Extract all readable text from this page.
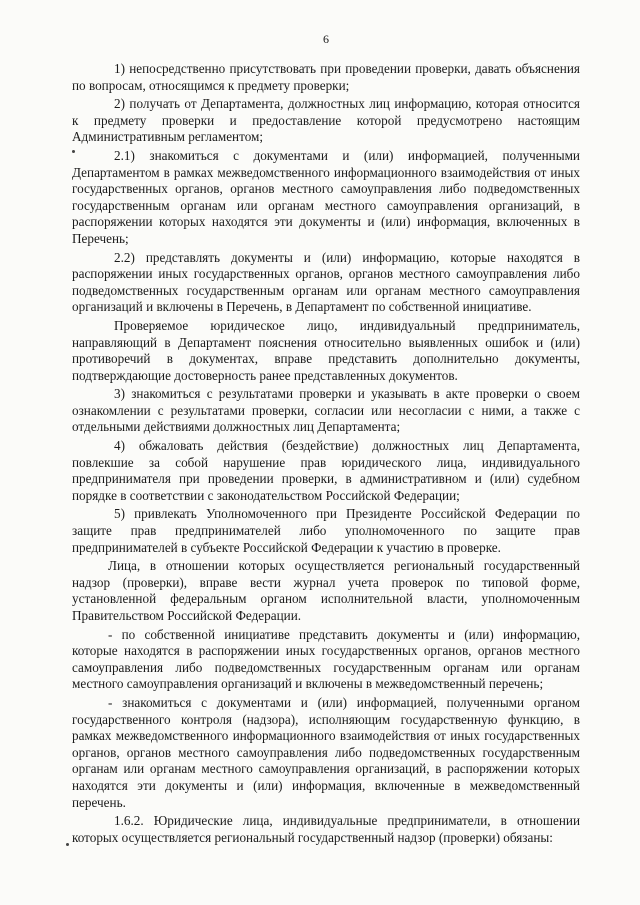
6

1) непосредственно присутствовать при проведении проверки, давать объяснения по вопросам, относящимся к предмету проверки;

2) получать от Департамента, должностных лиц информацию, которая относится к предмету проверки и предоставление которой предусмотрено настоящим Административным регламентом;

2.1) знакомиться с документами и (или) информацией, полученными Департаментом в рамках межведомственного информационного взаимодействия от иных государственных органов, органов местного самоуправления либо подведомственных государственным органам или органам местного самоуправления организаций, в распоряжении которых находятся эти документы и (или) информация, включенных в Перечень;

2.2) представлять документы и (или) информацию, которые находятся в распоряжении иных государственных органов, органов местного самоуправления либо подведомственных государственным органам или органам местного самоуправления организаций и включены в Перечень, в Департамент по собственной инициативе.

Проверяемое юридическое лицо, индивидуальный предприниматель, направляющий в Департамент пояснения относительно выявленных ошибок и (или) противоречий в документах, вправе представить дополнительно документы, подтверждающие достоверность ранее представленных документов.

3) знакомиться с результатами проверки и указывать в акте проверки о своем ознакомлении с результатами проверки, согласии или несогласии с ними, а также с отдельными действиями должностных лиц Департамента;

4) обжаловать действия (бездействие) должностных лиц Департамента, повлекшие за собой нарушение прав юридического лица, индивидуального предпринимателя при проведении проверки, в административном и (или) судебном порядке в соответствии с законодательством Российской Федерации;

5) привлекать Уполномоченного при Президенте Российской Федерации по защите прав предпринимателей либо уполномоченного по защите прав предпринимателей в субъекте Российской Федерации к участию в проверке.

Лица, в отношении которых осуществляется региональный государственный надзор (проверки), вправе вести журнал учета проверок по типовой форме, установленной федеральным органом исполнительной власти, уполномоченным Правительством Российской Федерации.

- по собственной инициативе представить документы и (или) информацию, которые находятся в распоряжении иных государственных органов, органов местного самоуправления либо подведомственных государственным органам или органам местного самоуправления организаций и включены в межведомственный перечень;

- знакомиться с документами и (или) информацией, полученными органом государственного контроля (надзора), исполняющим государственную функцию, в рамках межведомственного информационного взаимодействия от иных государственных органов, органов местного самоуправления либо подведомственных государственным органам или органам местного самоуправления организаций, в распоряжении которых находятся эти документы и (или) информация, включенные в межведомственный перечень.

1.6.2. Юридические лица, индивидуальные предприниматели, в отношении которых осуществляется региональный государственный надзор (проверки) обязаны:
